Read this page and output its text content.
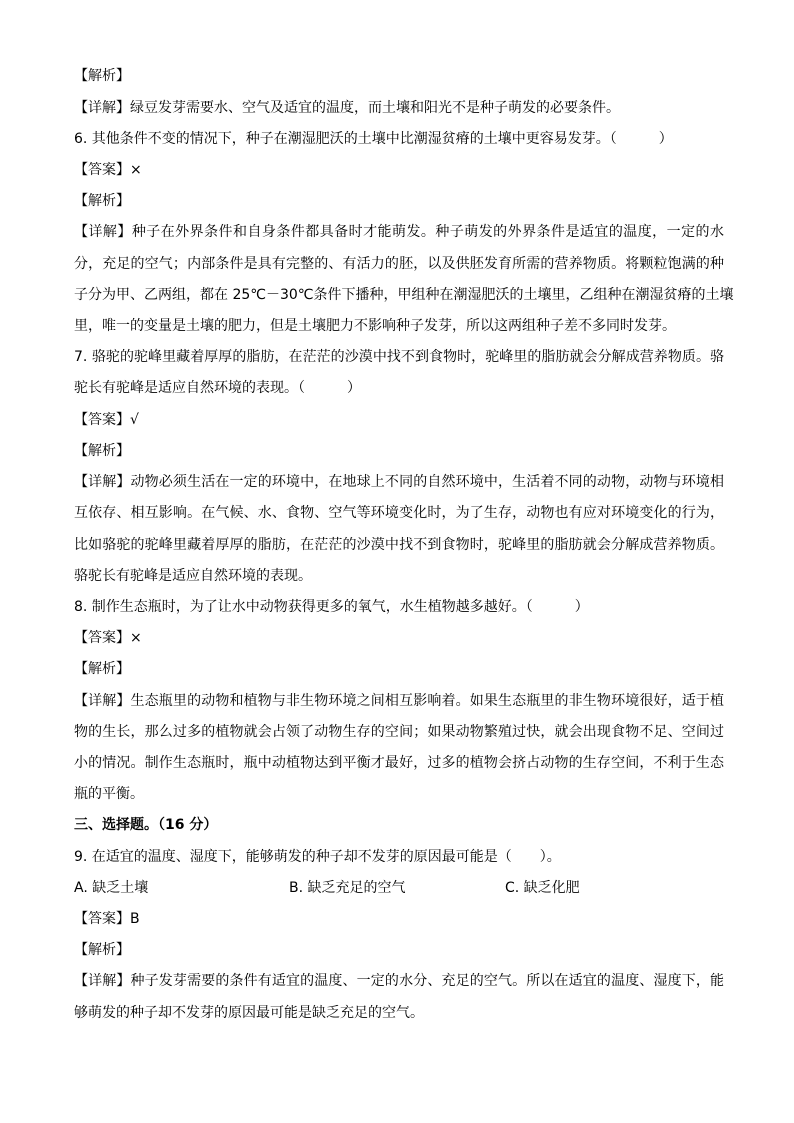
【解析】
【详解】绿豆发芽需要水、空气及适宜的温度，而土壤和阳光不是种子萌发的必要条件。
6. 其他条件不变的情况下，种子在潮湿肥沃的土壤中比潮湿贫瘠的土壤中更容易发芽。（　　　）
【答案】×
【解析】
【详解】种子在外界条件和自身条件都具备时才能萌发。种子萌发的外界条件是适宜的温度，一定的水
分，充足的空气；内部条件是具有完整的、有活力的胚，以及供胚发育所需的营养物质。将颗粒饱满的种
子分为甲、乙两组，都在 25℃－30℃条件下播种，甲组种在潮湿肥沃的土壤里，乙组种在潮湿贫瘠的土壤
里，唯一的变量是土壤的肥力，但是土壤肥力不影响种子发芽，所以这两组种子差不多同时发芽。
7. 骆驼的驼峰里藏着厚厚的脂肪，在茫茫的沙漠中找不到食物时，驼峰里的脂肪就会分解成营养物质。骆
驼长有驼峰是适应自然环境的表现。（　　　）
【答案】√
【解析】
【详解】动物必须生活在一定的环境中，在地球上不同的自然环境中，生活着不同的动物，动物与环境相
互依存、相互影响。在气候、水、食物、空气等环境变化时，为了生存，动物也有应对环境变化的行为，
比如骆驼的驼峰里藏着厚厚的脂肪，在茫茫的沙漠中找不到食物时，驼峰里的脂肪就会分解成营养物质。
骆驼长有驼峰是适应自然环境的表现。
8. 制作生态瓶时，为了让水中动物获得更多的氧气，水生植物越多越好。（　　　）
【答案】×
【解析】
【详解】生态瓶里的动物和植物与非生物环境之间相互影响着。如果生态瓶里的非生物环境很好，适于植
物的生长，那么过多的植物就会占领了动物生存的空间；如果动物繁殖过快，就会出现食物不足、空间过
小的情况。制作生态瓶时，瓶中动植物达到平衡才最好，过多的植物会挤占动物的生存空间，不利于生态
瓶的平衡。
三、选择题。（16 分）
9. 在适宜的温度、湿度下，能够萌发的种子却不发芽的原因最可能是（　　）。
A. 缺乏土壤	B. 缺乏充足的空气	C. 缺乏化肥
【答案】B
【解析】
【详解】种子发芽需要的条件有适宜的温度、一定的水分、充足的空气。所以在适宜的温度、湿度下，能
够萌发的种子却不发芽的原因最可能是缺乏充足的空气。
